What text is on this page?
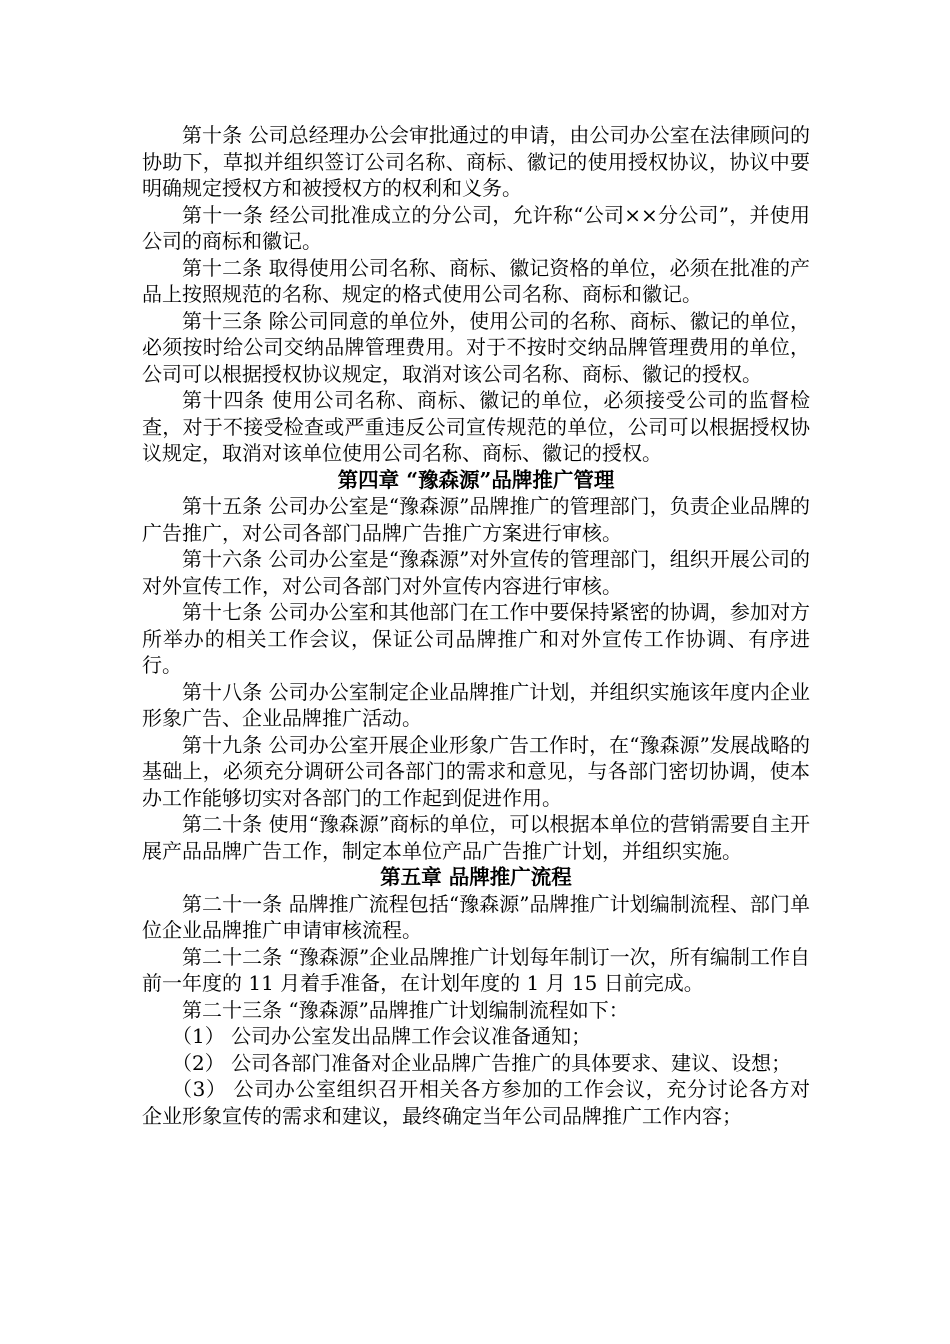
第十条 公司总经理办公会审批通过的申请，由公司办公室在法律顾问的协助下，草拟并组织签订公司名称、商标、徽记的使用授权协议，协议中要明确规定授权方和被授权方的权利和义务。

第十一条 经公司批准成立的分公司，允许称“公司××分公司”，并使用公司的商标和徽记。

第十二条 取得使用公司名称、商标、徽记资格的单位，必须在批准的产品上按照规范的名称、规定的格式使用公司名称、商标和徽记。

第十三条 除公司同意的单位外，使用公司的名称、商标、徽记的单位，必须按时给公司交纳品牌管理费用。对于不按时交纳品牌管理费用的单位，公司可以根据授权协议规定，取消对该公司名称、商标、徽记的授权。

第十四条 使用公司名称、商标、徽记的单位，必须接受公司的监督检查，对于不接受检查或严重违反公司宣传规范的单位，公司可以根据授权协议规定，取消对该单位使用公司名称、商标、徽记的授权。

第四章 “豫森源”品牌推广管理

第十五条 公司办公室是“豫森源”品牌推广的管理部门，负责企业品牌的广告推广，对公司各部门品牌广告推广方案进行审核。

第十六条 公司办公室是“豫森源”对外宣传的管理部门，组织开展公司的对外宣传工作，对公司各部门对外宣传内容进行审核。

第十七条 公司办公室和其他部门在工作中要保持紧密的协调，参加对方所举办的相关工作会议，保证公司品牌推广和对外宣传工作协调、有序进行。

第十八条 公司办公室制定企业品牌推广计划，并组织实施该年度内企业形象广告、企业品牌推广活动。

第十九条 公司办公室开展企业形象广告工作时，在“豫森源”发展战略的基础上，必须充分调研公司各部门的需求和意见，与各部门密切协调，使本办工作能够切实对各部门的工作起到促进作用。

第二十条 使用“豫森源”商标的单位，可以根据本单位的营销需要自主开展产品品牌广告工作，制定本单位产品广告推广计划，并组织实施。

第五章 品牌推广流程

第二十一条 品牌推广流程包括“豫森源”品牌推广计划编制流程、部门单位企业品牌推广申请审核流程。

第二十二条 “豫森源”企业品牌推广计划每年制订一次，所有编制工作自前一年度的 11 月着手准备，在计划年度的 1 月 15 日前完成。

第二十三条 “豫森源”品牌推广计划编制流程如下：

（1） 公司办公室发出品牌工作会议准备通知；

（2） 公司各部门准备对企业品牌广告推广的具体要求、建议、设想；

（3） 公司办公室组织召开相关各方参加的工作会议，充分讨论各方对企业形象宣传的需求和建议，最终确定当年公司品牌推广工作内容；
